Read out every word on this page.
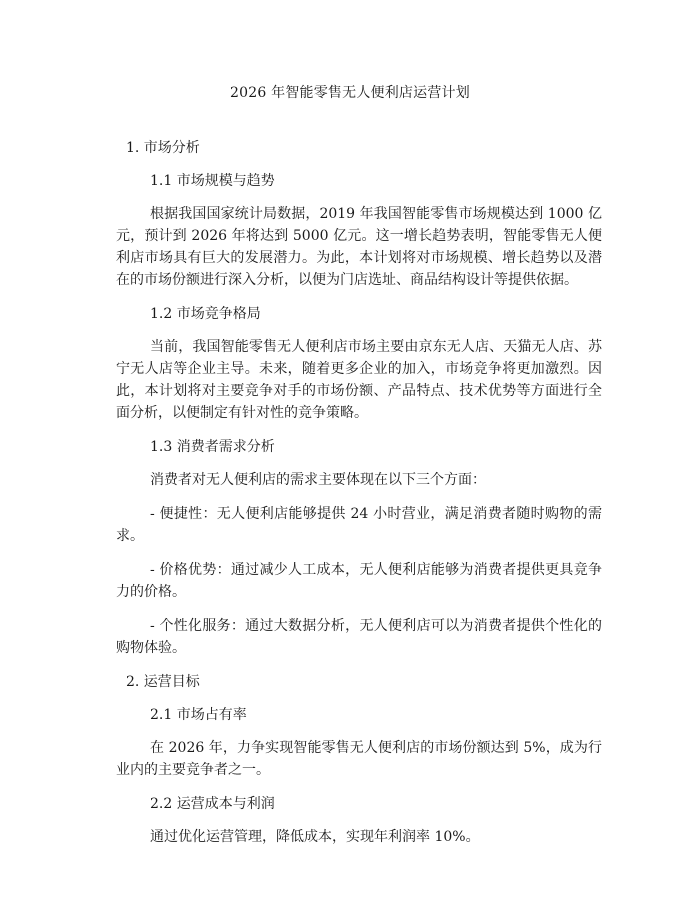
2026 年智能零售无人便利店运营计划
1. 市场分析
1.1 市场规模与趋势
根据我国国家统计局数据，2019 年我国智能零售市场规模达到 1000 亿元，预计到 2026 年将达到 5000 亿元。这一增长趋势表明，智能零售无人便利店市场具有巨大的发展潜力。为此，本计划将对市场规模、增长趋势以及潜在的市场份额进行深入分析，以便为门店选址、商品结构设计等提供依据。
1.2 市场竞争格局
当前，我国智能零售无人便利店市场主要由京东无人店、天猫无人店、苏宁无人店等企业主导。未来，随着更多企业的加入，市场竞争将更加激烈。因此，本计划将对主要竞争对手的市场份额、产品特点、技术优势等方面进行全面分析，以便制定有针对性的竞争策略。
1.3 消费者需求分析
消费者对无人便利店的需求主要体现在以下三个方面：
- 便捷性：无人便利店能够提供 24 小时营业，满足消费者随时购物的需求。
- 价格优势：通过减少人工成本，无人便利店能够为消费者提供更具竞争力的价格。
- 个性化服务：通过大数据分析，无人便利店可以为消费者提供个性化的购物体验。
2. 运营目标
2.1 市场占有率
在 2026 年，力争实现智能零售无人便利店的市场份额达到 5%，成为行业内的主要竞争者之一。
2.2 运营成本与利润
通过优化运营管理，降低成本，实现年利润率 10%。
